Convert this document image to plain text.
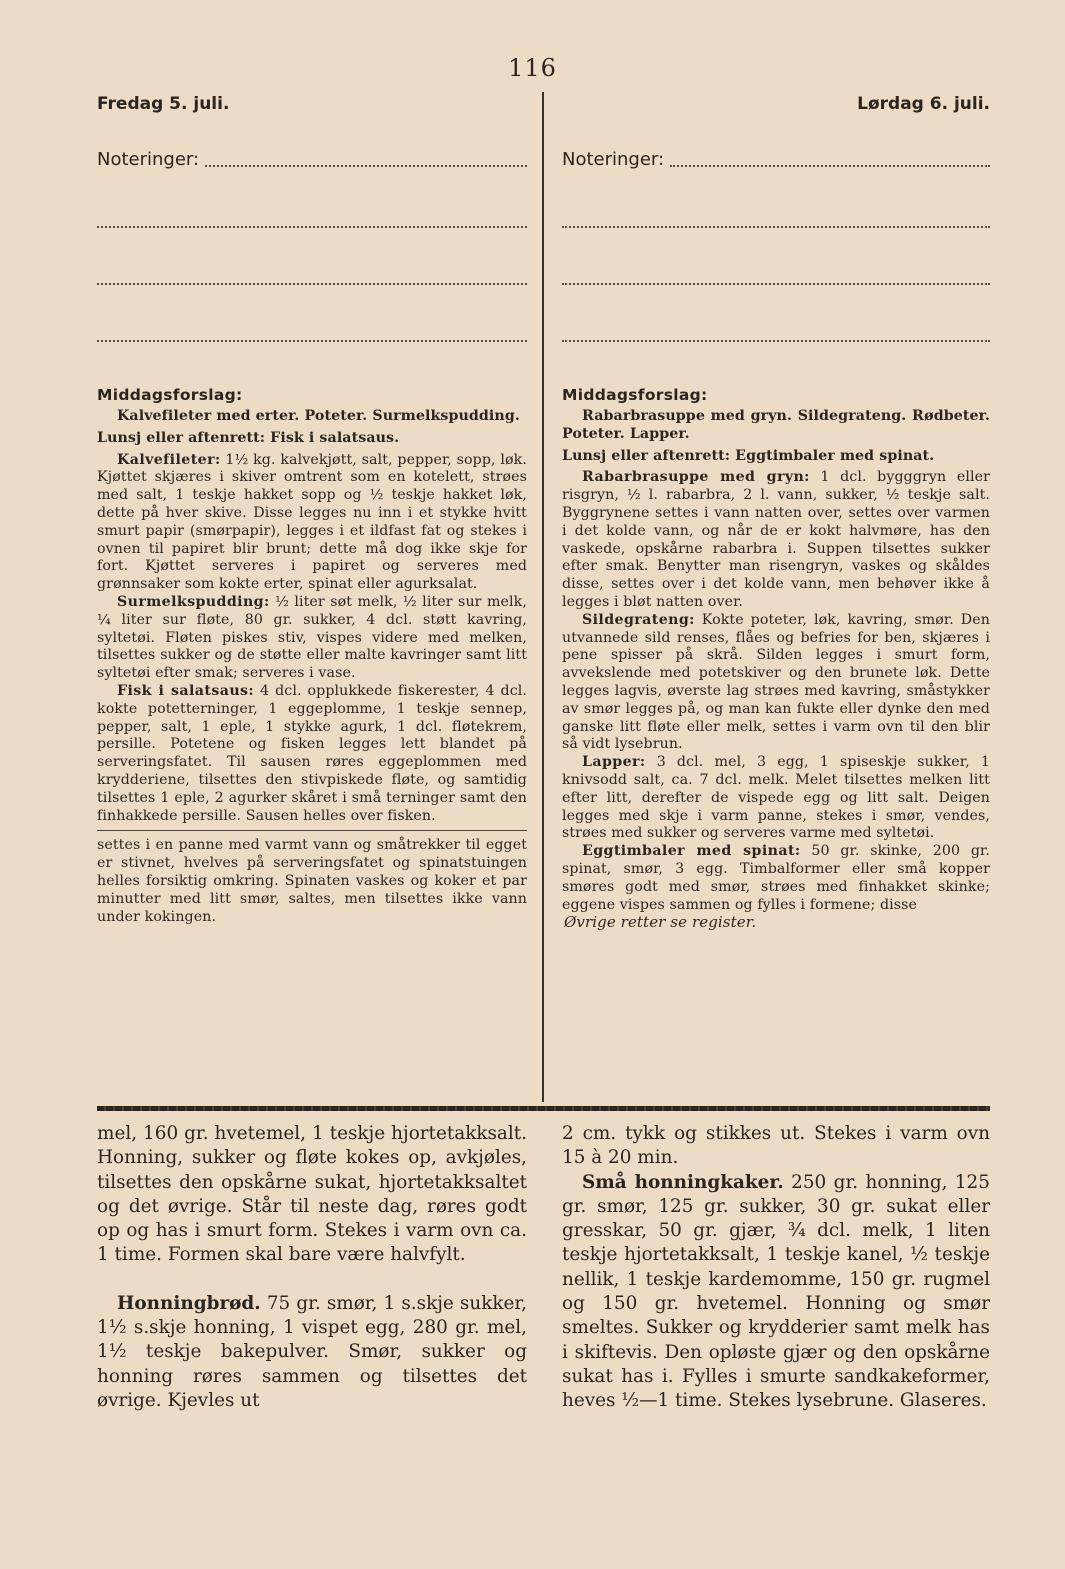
116
Fredag 5. juli.
Noteringer:
Middagsforslag:

Kalvefileter med erter. Poteter. Surmelkspudding.

Lunsj eller aftenrett: Fisk i salatsaus.

Kalvefileter: 1½ kg. kalvekjøtt, salt, pepper, sopp, løk. Kjøttet skjæres i skiver omtrent som en kotelett, strøes med salt, 1 teskje hakket sopp og ½ teskje hakket løk, dette på hver skive. Disse legges nu inn i et stykke hvitt smurt papir (smørpapir), legges i et ildfast fat og stekes i ovnen til papiret blir brunt; dette må dog ikke skje for fort. Kjøttet serveres i papiret og serveres med grønnsaker som kokte erter, spinat eller agurksalat.

Surmelkspudding: ½ liter søt melk, ½ liter sur melk, ¼ liter sur fløte, 80 gr. sukker, 4 dcl. støtt kavring, syltetøi. Fløten piskes stiv, vispes videre med melken, tilsettes sukker og de støtte eller malte kavringer samt litt syltetøi efter smak; serveres i vase.

Fisk i salatsaus: 4 dcl. opplukkede fiskerester, 4 dcl. kokte potetterninger, 1 eggeplomme, 1 teskje sennep, pepper, salt, 1 eple, 1 stykke agurk, 1 dcl. fløtekrem, persille. Potetene og fisken legges lett blandet på serveringsfatet. Til sausen røres eggeplommen med krydderiene, tilsettes den stivpiskede fløte, og samtidig tilsettes 1 eple, 2 agurker skåret i små terninger samt den finhakkede persille. Sausen helles over fisken.

settes i en panne med varmt vann og småtrekker til egget er stivnet, hvelves på serveringsfatet og spinatstuingen helles forsiktig omkring. Spinaten vaskes og koker et par minutter med litt smør, saltes, men tilsettes ikke vann under kokingen.

Lørdag 6. juli.
Noteringer:
Middagsforslag:

Rabarbrasuppe med gryn. Sildegrateng. Rødbeter. Poteter. Lapper.

Lunsj eller aftenrett: Eggtimbaler med spinat.

Rabarbrasuppe med gryn: 1 dcl. bygggryn eller risgryn, ½ l. rabarbra, 2 l. vann, sukker, ½ teskje salt. Byggrynene settes i vann natten over, settes over varmen i det kolde vann, og når de er kokt halvmøre, has den vaskede, opskårne rabarbra i. Suppen tilsettes sukker efter smak. Benytter man risengryn, vaskes og skåldes disse, settes over i det kolde vann, men behøver ikke å legges i bløt natten over.

Sildegrateng: Kokte poteter, løk, kavring, smør. Den utvannede sild renses, flåes og befries for ben, skjæres i pene spisser på skrå. Silden legges i smurt form, avvekslende med potetskiver og den brunete løk. Dette legges lagvis, øverste lag strøes med kavring, småstykker av smør legges på, og man kan fukte eller dynke den med ganske litt fløte eller melk, settes i varm ovn til den blir så vidt lysebrun.

Lapper: 3 dcl. mel, 3 egg, 1 spiseskje sukker, 1 knivsodd salt, ca. 7 dcl. melk. Melet tilsettes melken litt efter litt, derefter de vispede egg og litt salt. Deigen legges med skje i varm panne, stekes i smør, vendes, strøes med sukker og serveres varme med syltetøi.

Eggtimbaler med spinat: 50 gr. skinke, 200 gr. spinat, smør, 3 egg. Timbalformer eller små kopper smøres godt med smør, strøes med finhakket skinke; eggene vispes sammen og fylles i formene; disse

Øvrige retter se register.

mel, 160 gr. hvetemel, 1 teskje hjortetakksalt. Honning, sukker og fløte kokes op, avkjøles, tilsettes den opskårne sukat, hjortetakksaltet og det øvrige. Står til neste dag, røres godt op og has i smurt form. Stekes i varm ovn ca. 1 time. Formen skal bare være halvfylt.

Honningbrød. 75 gr. smør, 1 s.skje sukker, 1½ s.skje honning, 1 vispet egg, 280 gr. mel, 1½ teskje bakepulver. Smør, sukker og honning røres sammen og tilsettes det øvrige. Kjevles ut

2 cm. tykk og stikkes ut. Stekes i varm ovn 15 à 20 min.

Små honningkaker. 250 gr. honning, 125 gr. smør, 125 gr. sukker, 30 gr. sukat eller gresskar, 50 gr. gjær, ¾ dcl. melk, 1 liten teskje hjortetakksalt, 1 teskje kanel, ½ teskje nellik, 1 teskje kardemomme, 150 gr. rugmel og 150 gr. hvetemel. Honning og smør smeltes. Sukker og krydderier samt melk has i skiftevis. Den opløste gjær og den opskårne sukat has i. Fylles i smurte sandkakeformer, heves ½—1 time. Stekes lysebrune. Glaseres.
